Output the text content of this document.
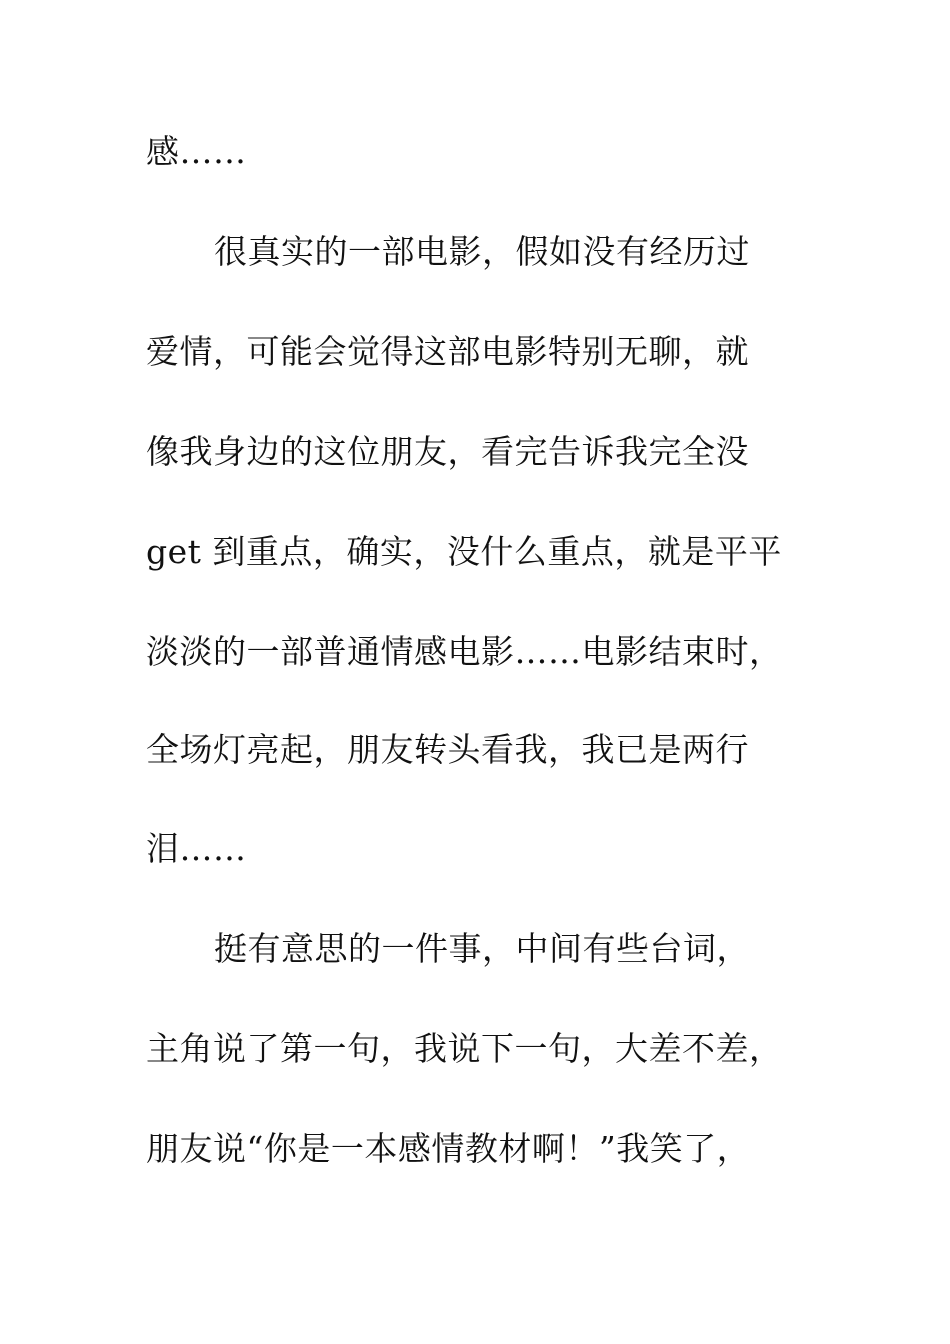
感……
很真实的一部电影，假如没有经历过
爱情，可能会觉得这部电影特别无聊，就
像我身边的这位朋友，看完告诉我完全没
get 到重点，确实，没什么重点，就是平平
淡淡的一部普通情感电影……电影结束时，
全场灯亮起，朋友转头看我，我已是两行
泪……
挺有意思的一件事，中间有些台词，
主角说了第一句，我说下一句，大差不差，
朋友说“你是一本感情教材啊！”我笑了，
